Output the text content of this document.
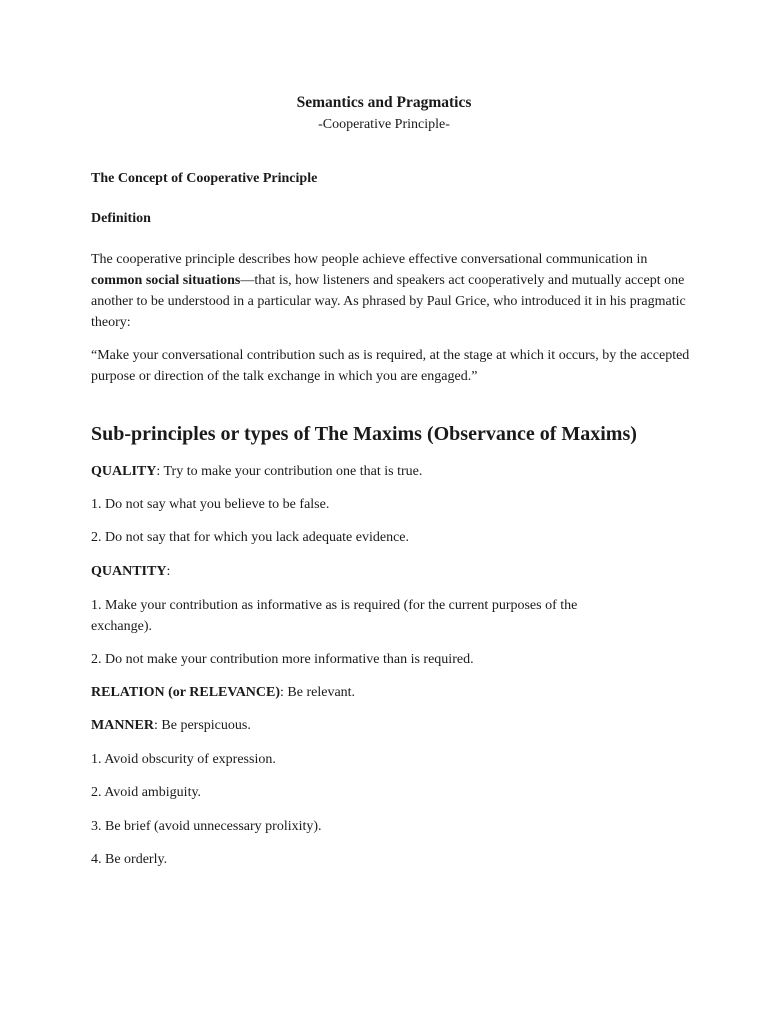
Semantics and Pragmatics
-Cooperative Principle-
The Concept of Cooperative Principle
Definition

The cooperative principle describes how people achieve effective conversational communication in common social situations—that is, how listeners and speakers act cooperatively and mutually accept one another to be understood in a particular way. As phrased by Paul Grice, who introduced it in his pragmatic theory:

“Make your conversational contribution such as is required, at the stage at which it occurs, by the accepted purpose or direction of the talk exchange in which you are engaged.”

Sub-principles or types of The Maxims (Observance of Maxims)

QUALITY: Try to make your contribution one that is true.

1. Do not say what you believe to be false.

2. Do not say that for which you lack adequate evidence.

QUANTITY:

1. Make your contribution as informative as is required (for the current purposes of the exchange).

2. Do not make your contribution more informative than is required.

RELATION (or RELEVANCE): Be relevant.

MANNER: Be perspicuous.

1. Avoid obscurity of expression.

2. Avoid ambiguity.

3. Be brief (avoid unnecessary prolixity).

4. Be orderly.
